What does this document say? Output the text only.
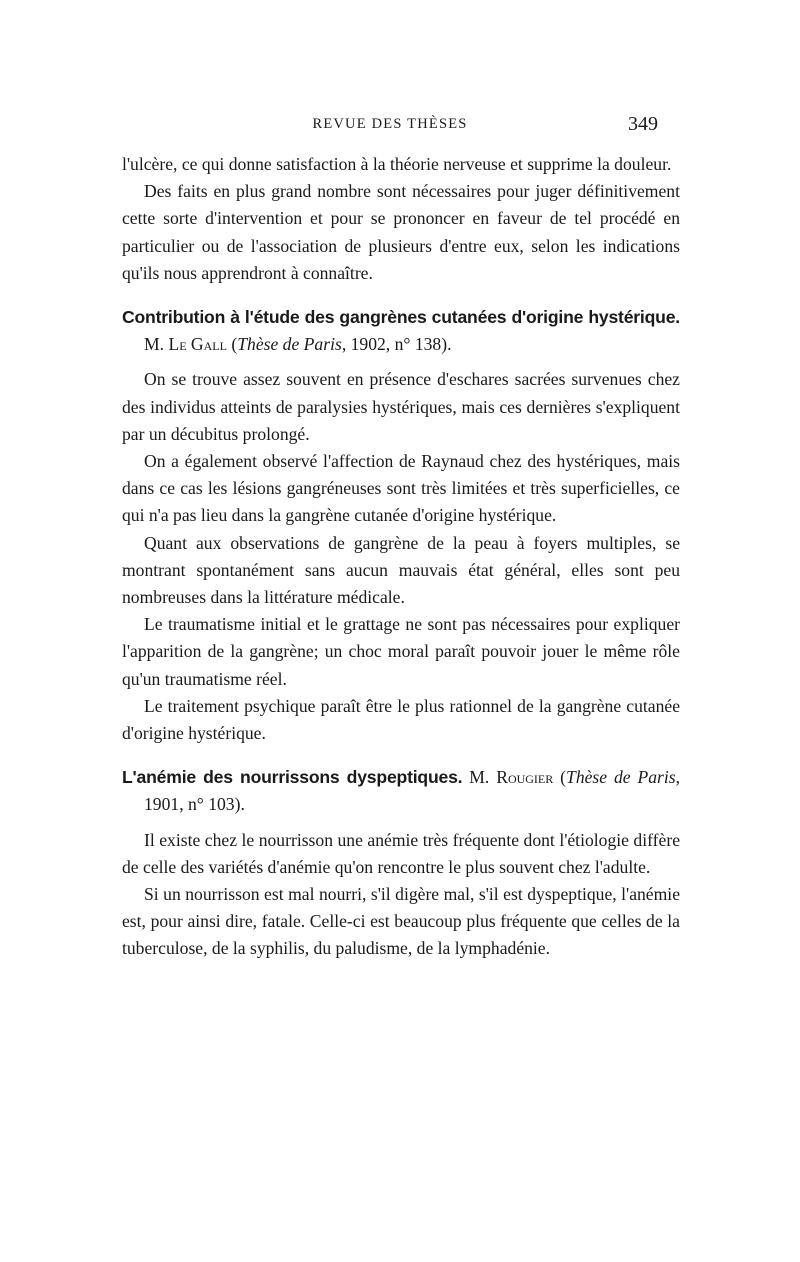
REVUE DES THÈSES	349

l'ulcère, ce qui donne satisfaction à la théorie nerveuse et supprime la douleur.

Des faits en plus grand nombre sont nécessaires pour juger définitivement cette sorte d'intervention et pour se prononcer en faveur de tel procédé en particulier ou de l'association de plusieurs d'entre eux, selon les indications qu'ils nous apprendront à connaître.

Contribution à l'étude des gangrènes cutanées d'origine hystérique. M. Le Gall (Thèse de Paris, 1902, n° 138).

On se trouve assez souvent en présence d'eschares sacrées survenues chez des individus atteints de paralysies hystériques, mais ces dernières s'expliquent par un décubitus prolongé.

On a également observé l'affection de Raynaud chez des hystériques, mais dans ce cas les lésions gangréneuses sont très limitées et très superficielles, ce qui n'a pas lieu dans la gangrène cutanée d'origine hystérique.

Quant aux observations de gangrène de la peau à foyers multiples, se montrant spontanément sans aucun mauvais état général, elles sont peu nombreuses dans la littérature médicale.

Le traumatisme initial et le grattage ne sont pas nécessaires pour expliquer l'apparition de la gangrène; un choc moral paraît pouvoir jouer le même rôle qu'un traumatisme réel.

Le traitement psychique paraît être le plus rationnel de la gangrène cutanée d'origine hystérique.

L'anémie des nourrissons dyspeptiques. M. Rougier (Thèse de Paris, 1901, n° 103).

Il existe chez le nourrisson une anémie très fréquente dont l'étiologie diffère de celle des variétés d'anémie qu'on rencontre le plus souvent chez l'adulte.

Si un nourrisson est mal nourri, s'il digère mal, s'il est dyspeptique, l'anémie est, pour ainsi dire, fatale. Celle-ci est beaucoup plus fréquente que celles de la tuberculose, de la syphilis, du paludisme, de la lymphadénie.
